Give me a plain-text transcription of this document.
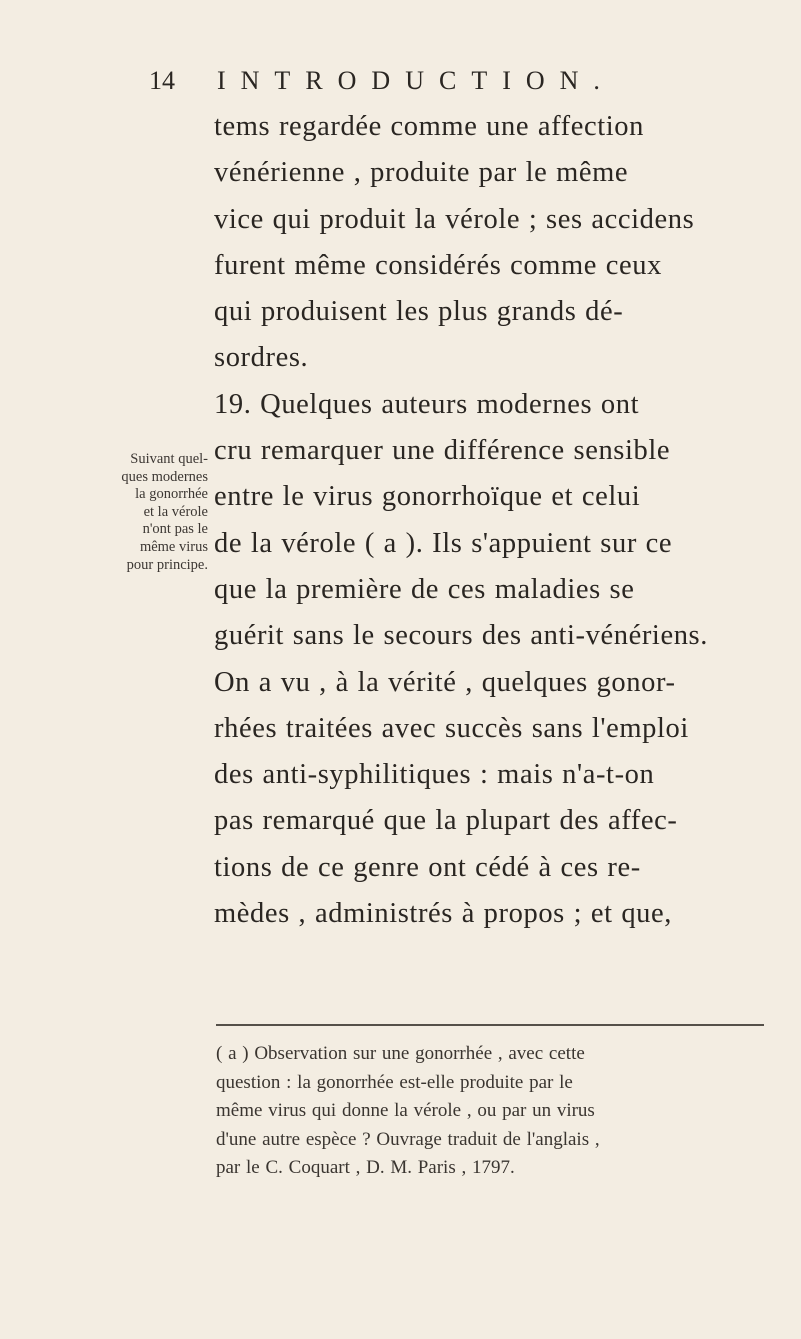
14 INTRODUCTION.
Suivant quel-
ques modernes
la gonorrhée
et la vérole
n'ont pas le
même virus
pour principe.
tems regardée comme une affection
vénérienne , produite par le même
vice qui produit la vérole ; ses accidens
furent même considérés comme ceux
qui produisent les plus grands dé-
sordres.
19. Quelques auteurs modernes ont
cru remarquer une différence sensible
entre le virus gonorrhoïque et celui
de la vérole ( a ). Ils s'appuient sur ce
que la première de ces maladies se
guérit sans le secours des anti-vénériens.
On a vu , à la vérité , quelques gonor-
rhées traitées avec succès sans l'emploi
des anti-syphilitiques : mais n'a-t-on
pas remarqué que la plupart des affec-
tions de ce genre ont cédé à ces re-
mèdes , administrés à propos ; et que,
( a ) Observation sur une gonorrhée , avec cette
question : la gonorrhée est-elle produite par le
même virus qui donne la vérole , ou par un virus
d'une autre espèce ? Ouvrage traduit de l'anglais ,
par le C. Coquart , D. M. Paris , 1797.
